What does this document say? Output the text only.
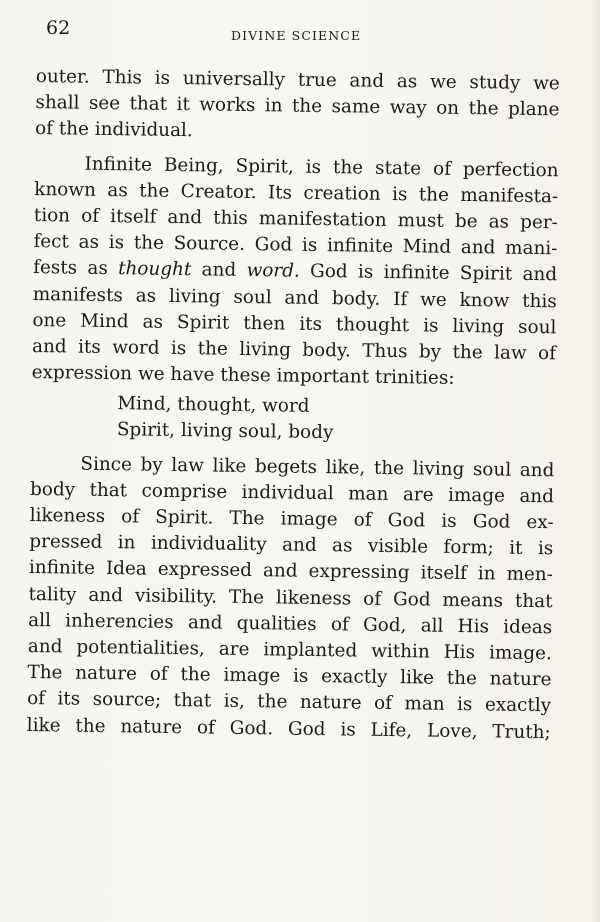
62	DIVINE SCIENCE
outer. This is universally true and as we study we
shall see that it works in the same way on the plane
of the individual.
Infinite Being, Spirit, is the state of perfection
known as the Creator. Its creation is the manifesta-
tion of itself and this manifestation must be as per-
fect as is the Source. God is infinite Mind and mani-
fests as thought and word. God is infinite Spirit and
manifests as living soul and body. If we know this
one Mind as Spirit then its thought is living soul
and its word is the living body. Thus by the law of
expression we have these important trinities:
Mind, thought, word
Spirit, living soul, body
Since by law like begets like, the living soul and
body that comprise individual man are image and
likeness of Spirit. The image of God is God ex-
pressed in individuality and as visible form; it is
infinite Idea expressed and expressing itself in men-
tality and visibility. The likeness of God means that
all inherencies and qualities of God, all His ideas
and potentialities, are implanted within His image.
The nature of the image is exactly like the nature
of its source; that is, the nature of man is exactly
like the nature of God. God is Life, Love, Truth;
